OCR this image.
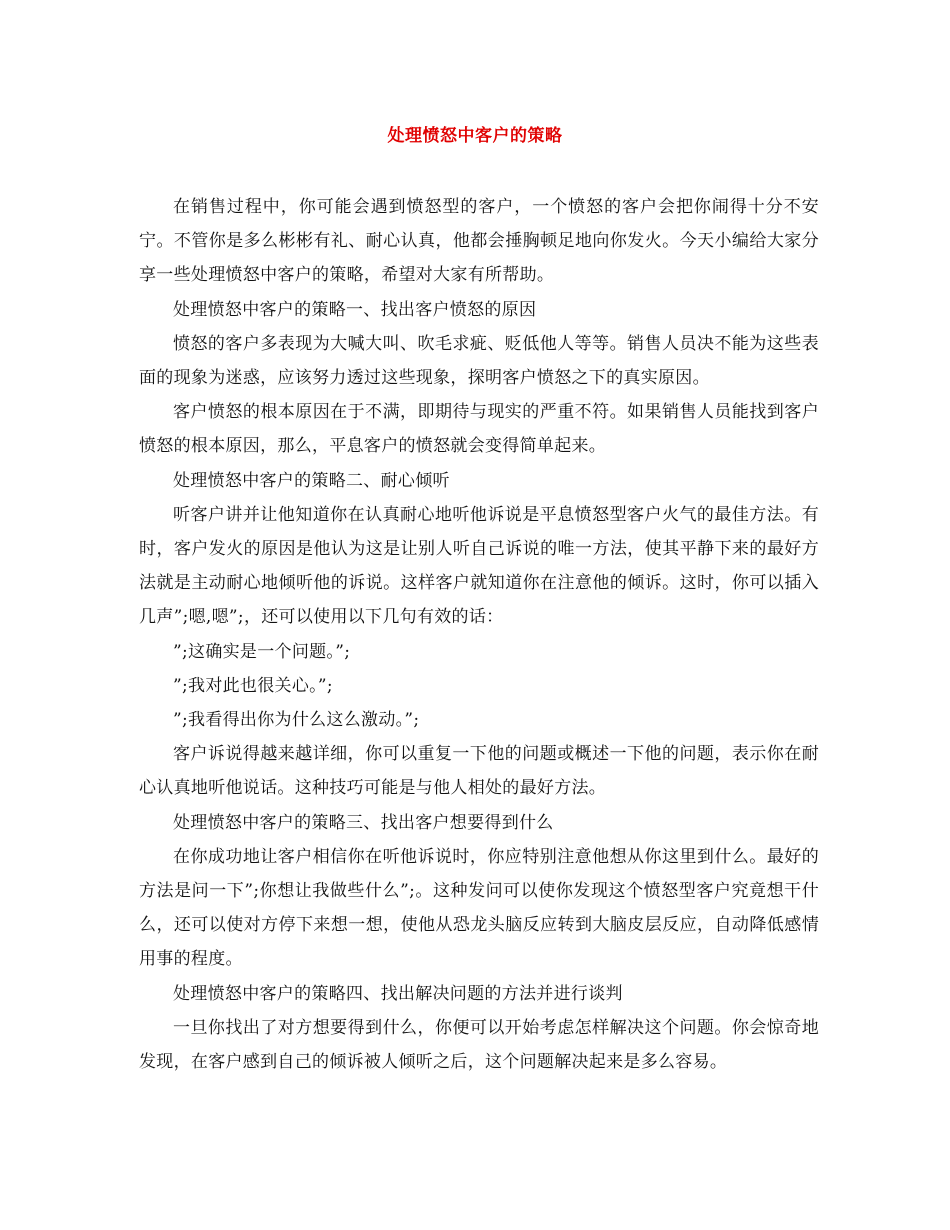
处理愤怒中客户的策略

在销售过程中，你可能会遇到愤怒型的客户，一个愤怒的客户会把你闹得十分不安宁。不管你是多么彬彬有礼、耐心认真，他都会捶胸顿足地向你发火。今天小编给大家分享一些处理愤怒中客户的策略，希望对大家有所帮助。

处理愤怒中客户的策略一、找出客户愤怒的原因

愤怒的客户多表现为大喊大叫、吹毛求疵、贬低他人等等。销售人员决不能为这些表面的现象为迷惑，应该努力透过这些现象，探明客户愤怒之下的真实原因。

客户愤怒的根本原因在于不满，即期待与现实的严重不符。如果销售人员能找到客户愤怒的根本原因，那么，平息客户的愤怒就会变得简单起来。

处理愤怒中客户的策略二、耐心倾听

听客户讲并让他知道你在认真耐心地听他诉说是平息愤怒型客户火气的最佳方法。有时，客户发火的原因是他认为这是让别人听自己诉说的唯一方法，使其平静下来的最好方法就是主动耐心地倾听他的诉说。这样客户就知道你在注意他的倾诉。这时，你可以插入几声”;嗯,嗯”;，还可以使用以下几句有效的话：

”;这确实是一个问题。”;

”;我对此也很关心。”;

”;我看得出你为什么这么激动。”;

客户诉说得越来越详细，你可以重复一下他的问题或概述一下他的问题，表示你在耐心认真地听他说话。这种技巧可能是与他人相处的最好方法。

处理愤怒中客户的策略三、找出客户想要得到什么

在你成功地让客户相信你在听他诉说时，你应特别注意他想从你这里到什么。最好的方法是问一下”;你想让我做些什么”;。这种发问可以使你发现这个愤怒型客户究竟想干什么，还可以使对方停下来想一想，使他从恐龙头脑反应转到大脑皮层反应，自动降低感情用事的程度。

处理愤怒中客户的策略四、找出解决问题的方法并进行谈判

一旦你找出了对方想要得到什么，你便可以开始考虑怎样解决这个问题。你会惊奇地发现，在客户感到自己的倾诉被人倾听之后，这个问题解决起来是多么容易。
